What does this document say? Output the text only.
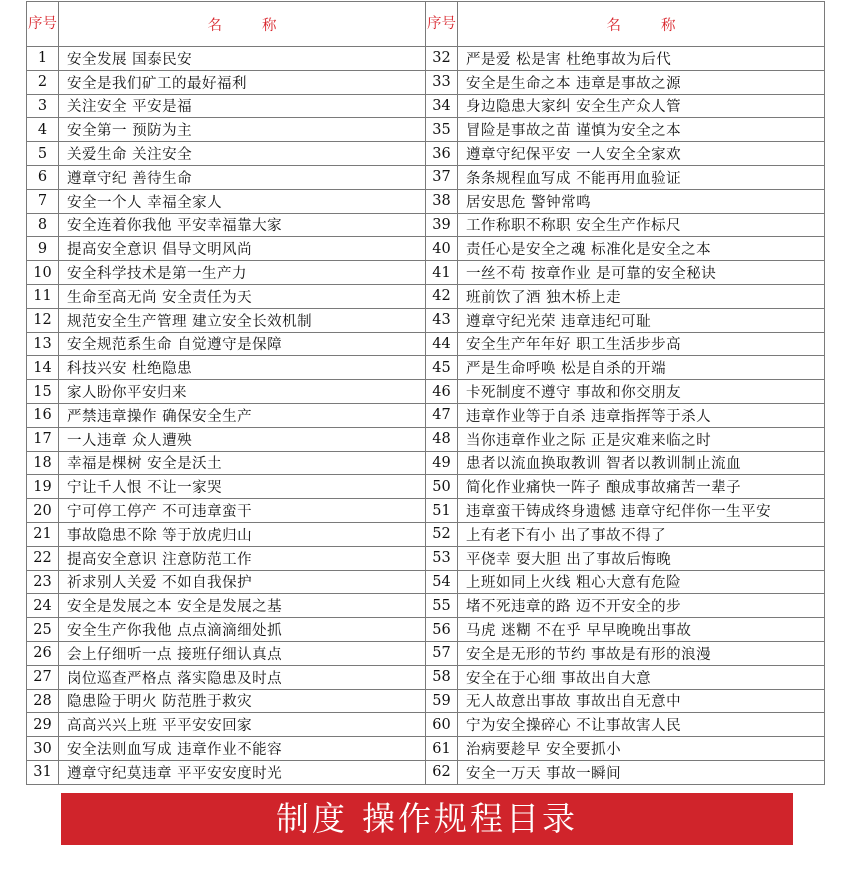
序号	名称	序号	名称
1	安全发展 国泰民安	32	严是爱 松是害 杜绝事故为后代
2	安全是我们矿工的最好福利	33	安全是生命之本 违章是事故之源
3	关注安全 平安是福	34	身边隐患大家纠 安全生产众人管
4	安全第一 预防为主	35	冒险是事故之苗 谨慎为安全之本
5	关爱生命 关注安全	36	遵章守纪保平安 一人安全全家欢
6	遵章守纪 善待生命	37	条条规程血写成 不能再用血验证
7	安全一个人 幸福全家人	38	居安思危 警钟常鸣
8	安全连着你我他 平安幸福靠大家	39	工作称职不称职 安全生产作标尺
9	提高安全意识 倡导文明风尚	40	责任心是安全之魂 标准化是安全之本
10	安全科学技术是第一生产力	41	一丝不苟 按章作业 是可靠的安全秘诀
11	生命至高无尚 安全责任为天	42	班前饮了酒 独木桥上走
12	规范安全生产管理 建立安全长效机制	43	遵章守纪光荣 违章违纪可耻
13	安全规范系生命 自觉遵守是保障	44	安全生产年年好 职工生活步步高
14	科技兴安 杜绝隐患	45	严是生命呼唤 松是自杀的开端
15	家人盼你平安归来	46	卡死制度不遵守 事故和你交朋友
16	严禁违章操作 确保安全生产	47	违章作业等于自杀 违章指挥等于杀人
17	一人违章 众人遭殃	48	当你违章作业之际 正是灾难来临之时
18	幸福是棵树 安全是沃土	49	患者以流血换取教训 智者以教训制止流血
19	宁让千人恨 不让一家哭	50	简化作业痛快一阵子 酿成事故痛苦一辈子
20	宁可停工停产 不可违章蛮干	51	违章蛮干铸成终身遗憾 违章守纪伴你一生平安
21	事故隐患不除 等于放虎归山	52	上有老下有小 出了事故不得了
22	提高安全意识 注意防范工作	53	平侥幸 耍大胆 出了事故后悔晚
23	祈求别人关爱 不如自我保护	54	上班如同上火线 粗心大意有危险
24	安全是发展之本 安全是发展之基	55	堵不死违章的路 迈不开安全的步
25	安全生产你我他 点点滴滴细处抓	56	马虎 迷糊 不在乎 早早晚晚出事故
26	会上仔细听一点 接班仔细认真点	57	安全是无形的节约 事故是有形的浪漫
27	岗位巡查严格点 落实隐患及时点	58	安全在于心细 事故出自大意
28	隐患险于明火 防范胜于救灾	59	无人故意出事故 事故出自无意中
29	高高兴兴上班 平平安安回家	60	宁为安全操碎心 不让事故害人民
30	安全法则血写成 违章作业不能容	61	治病要趁早 安全要抓小
31	遵章守纪莫违章 平平安安度时光	62	安全一万天 事故一瞬间
制度 操作规程目录
